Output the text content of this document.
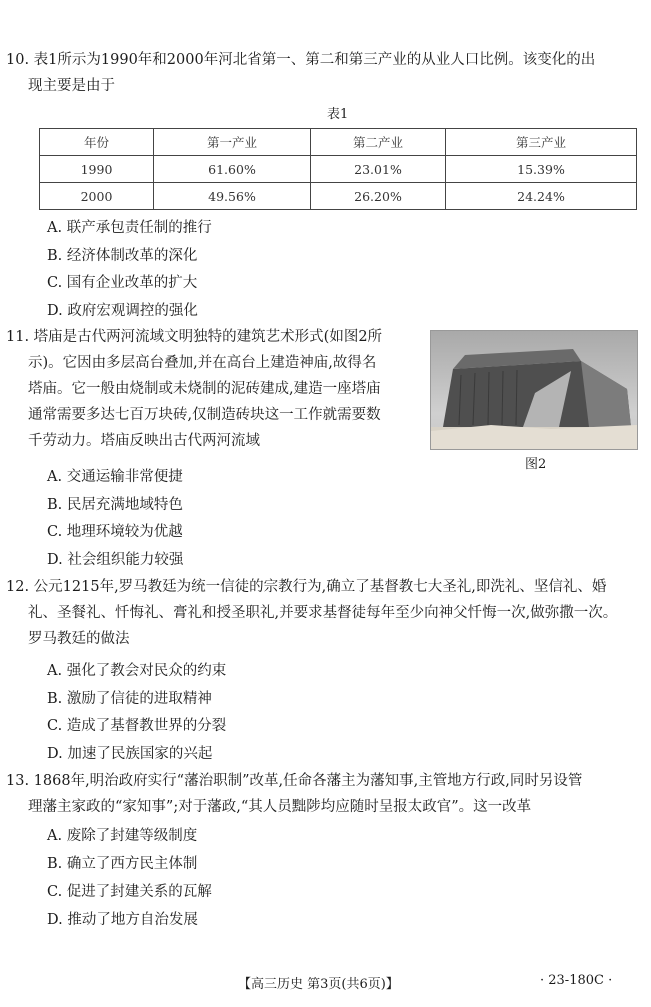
10. 表1所示为1990年和2000年河北省第一、第二和第三产业的从业人口比例。该变化的出
现主要是由于
表1
年份	第一产业	第二产业	第三产业
1990	61.60%	23.01%	15.39%
2000	49.56%	26.20%	24.24%
A. 联产承包责任制的推行
B. 经济体制改革的深化
C. 国有企业改革的扩大
D. 政府宏观调控的强化
11. 塔庙是古代两河流域文明独特的建筑艺术形式(如图2所
示)。它因由多层高台叠加,并在高台上建造神庙,故得名
塔庙。它一般由烧制或未烧制的泥砖建成,建造一座塔庙
通常需要多达七百万块砖,仅制造砖块这一工作就需要数
千劳动力。塔庙反映出古代两河流域
图2
A. 交通运输非常便捷
B. 民居充满地域特色
C. 地理环境较为优越
D. 社会组织能力较强
12. 公元1215年,罗马教廷为统一信徒的宗教行为,确立了基督教七大圣礼,即洗礼、坚信礼、婚
礼、圣餐礼、忏悔礼、膏礼和授圣职礼,并要求基督徒每年至少向神父忏悔一次,做弥撒一次。
罗马教廷的做法
A. 强化了教会对民众的约束
B. 激励了信徒的进取精神
C. 造成了基督教世界的分裂
D. 加速了民族国家的兴起
13. 1868年,明治政府实行“藩治职制”改革,任命各藩主为藩知事,主管地方行政,同时另设管
理藩主家政的“家知事”;对于藩政,“其人员黜陟均应随时呈报太政官”。这一改革
A. 废除了封建等级制度
B. 确立了西方民主体制
C. 促进了封建关系的瓦解
D. 推动了地方自治发展
【高三历史 第3页(共6页)】	· 23-180C ·
